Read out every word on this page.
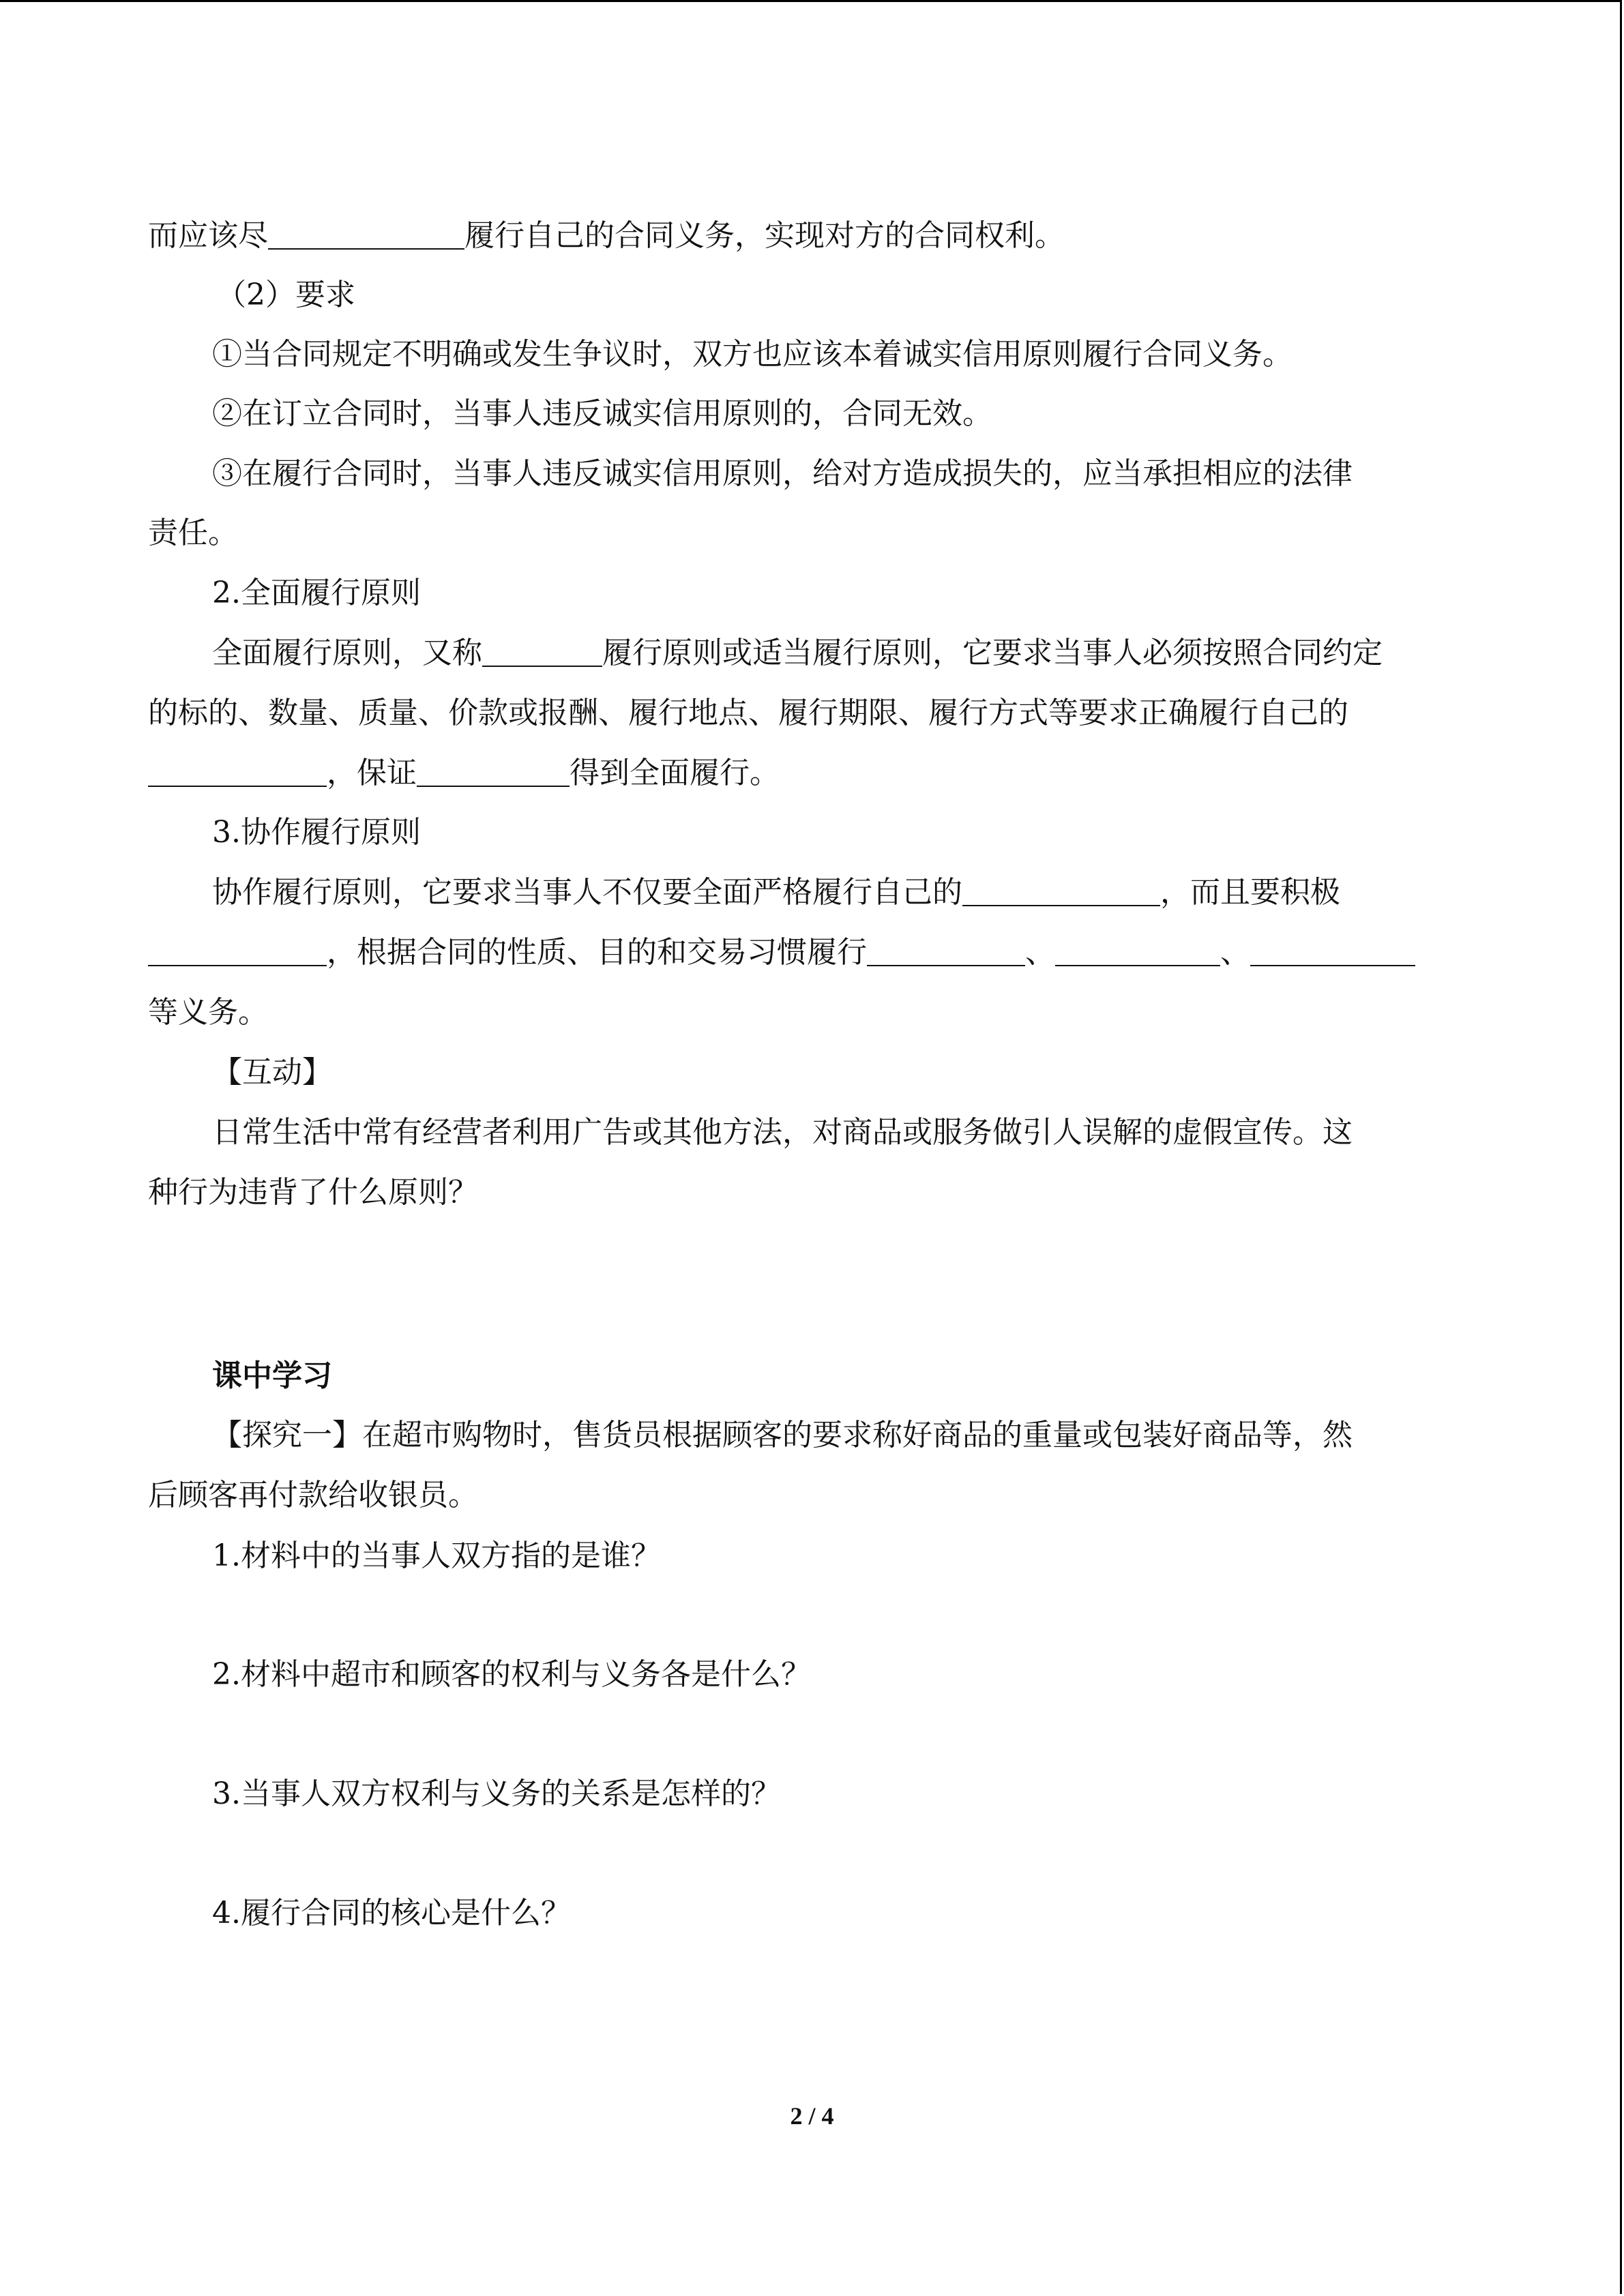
而应该尽	履行自己的合同义务，实现对方的合同权利。

（2）要求

①当合同规定不明确或发生争议时，双方也应该本着诚实信用原则履行合同义务。

②在订立合同时，当事人违反诚实信用原则的，合同无效。

③在履行合同时，当事人违反诚实信用原则，给对方造成损失的，应当承担相应的法律

责任。

2.全面履行原则

全面履行原则，又称	履行原则或适当履行原则，它要求当事人必须按照合同约定

的标的、数量、质量、价款或报酬、履行地点、履行期限、履行方式等要求正确履行自己的

，保证	得到全面履行。

3.协作履行原则

协作履行原则，它要求当事人不仅要全面严格履行自己的	，而且要积极

，根据合同的性质、目的和交易习惯履行	、	、

等义务。

【互动】

日常生活中常有经营者利用广告或其他方法，对商品或服务做引人误解的虚假宣传。这

种行为违背了什么原则？

课中学习

【探究一】在超市购物时，售货员根据顾客的要求称好商品的重量或包装好商品等，然

后顾客再付款给收银员。

1.材料中的当事人双方指的是谁？

2.材料中超市和顾客的权利与义务各是什么？

3.当事人双方权利与义务的关系是怎样的？

4.履行合同的核心是什么？

2 / 4
